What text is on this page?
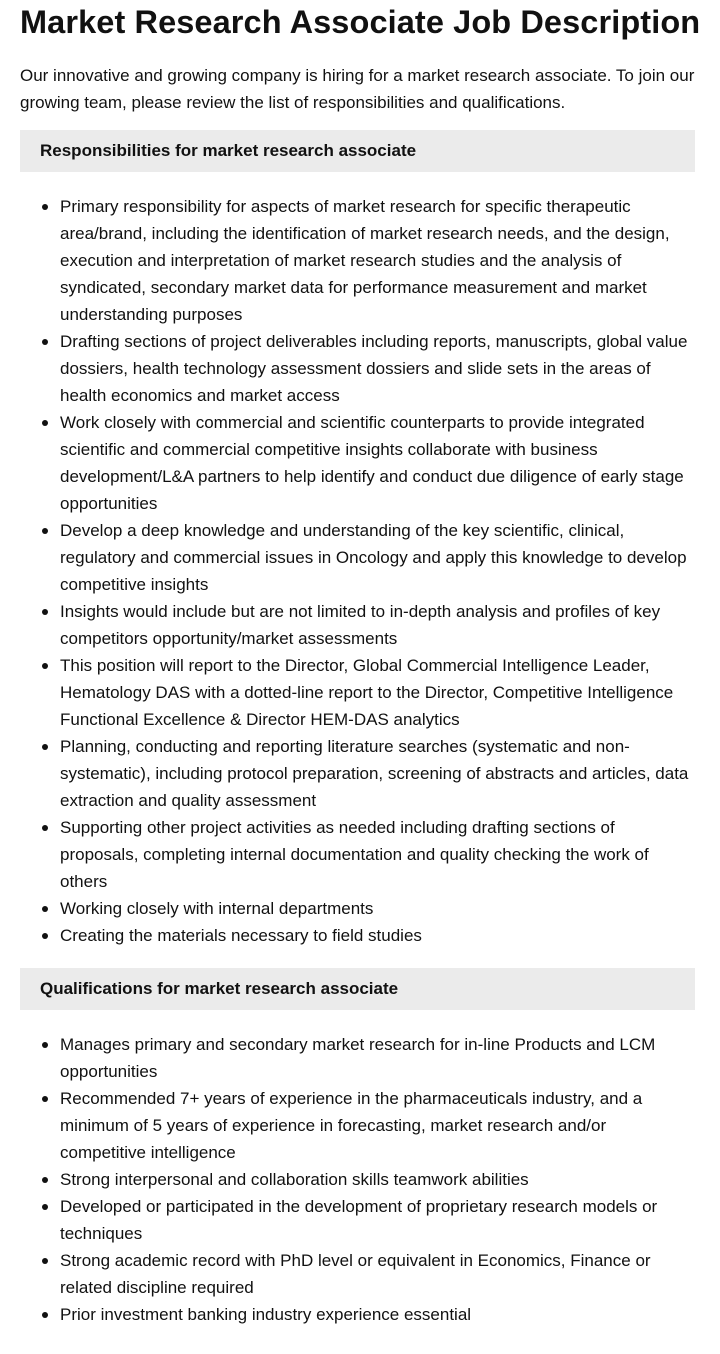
Market Research Associate Job Description

Our innovative and growing company is hiring for a market research associate. To join our growing team, please review the list of responsibilities and qualifications.

Responsibilities for market research associate
Primary responsibility for aspects of market research for specific therapeutic area/brand, including the identification of market research needs, and the design, execution and interpretation of market research studies and the analysis of syndicated, secondary market data for performance measurement and market understanding purposes
Drafting sections of project deliverables including reports, manuscripts, global value dossiers, health technology assessment dossiers and slide sets in the areas of health economics and market access
Work closely with commercial and scientific counterparts to provide integrated scientific and commercial competitive insights collaborate with business development/L&A partners to help identify and conduct due diligence of early stage opportunities
Develop a deep knowledge and understanding of the key scientific, clinical, regulatory and commercial issues in Oncology and apply this knowledge to develop competitive insights
Insights would include but are not limited to in-depth analysis and profiles of key competitors opportunity/market assessments
This position will report to the Director, Global Commercial Intelligence Leader, Hematology DAS with a dotted-line report to the Director, Competitive Intelligence Functional Excellence & Director HEM-DAS analytics
Planning, conducting and reporting literature searches (systematic and non-systematic), including protocol preparation, screening of abstracts and articles, data extraction and quality assessment
Supporting other project activities as needed including drafting sections of proposals, completing internal documentation and quality checking the work of others
Working closely with internal departments
Creating the materials necessary to field studies
Qualifications for market research associate
Manages primary and secondary market research for in-line Products and LCM opportunities
Recommended 7+ years of experience in the pharmaceuticals industry, and a minimum of 5 years of experience in forecasting, market research and/or competitive intelligence
Strong interpersonal and collaboration skills teamwork abilities
Developed or participated in the development of proprietary research models or techniques
Strong academic record with PhD level or equivalent in Economics, Finance or related discipline required
Prior investment banking industry experience essential
